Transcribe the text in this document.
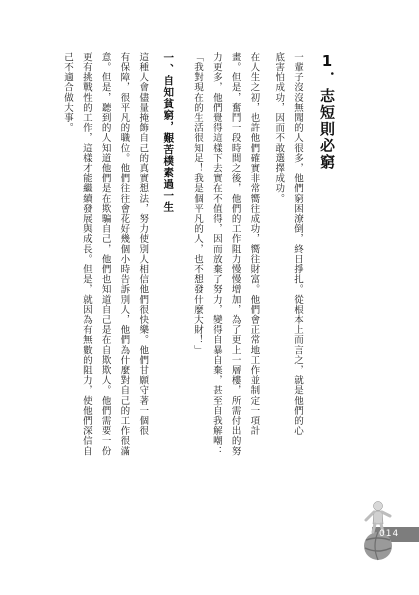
1．志短則必窮
一輩子沒沒無聞的人很多，他們窮困潦倒，終日掙扎。從根本上而言之，就是他們的心
底害怕成功，因而不敢選擇成功。
在人生之初，也許他們確實非常嚮往成功，嚮往財富。他們會正常地工作並制定一項計
畫。但是，奮鬥一段時間之後，他們的工作阻力慢慢增加，為了更上一層樓，所需付出的努
力更多，他們覺得這樣下去實在不值得，因而放棄了努力，變得自暴自棄，甚至自我解嘲：
「我對現在的生活很知足！我是個平凡的人，也不想發什麼大財！」
一、自知貧窮，艱苦樸素過一生
這種人會儘量掩飾自己的真實想法，努力使別人相信他們很快樂。他們甘願守著一個很
有保障，很平凡的職位。他們往往會花好幾個小時告訴別人，他們為什麼對自己的工作很滿
意。但是，聽到的人知道他們是在欺騙自己，他們也知道自己是在自欺欺人。他們需要一份
更有挑戰性的工作，這樣才能繼續發展與成長。但是，就因為有無數的阻力，使他們深信自
己不適合做大事。
014
